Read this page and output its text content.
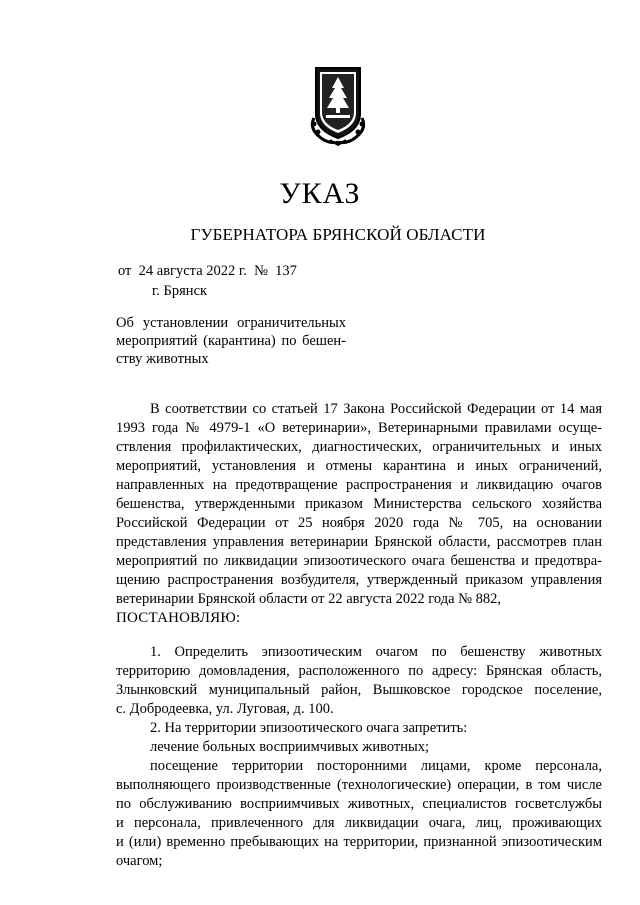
УКАЗ
ГУБЕРНАТОРА БРЯНСКОЙ ОБЛАСТИ
от  24 августа 2022 г.  №  137
г. Брянск
Об установлении ограничительных
мероприятий (карантина) по бешен-
ству животных
В соответствии со статьей 17 Закона Российской Федерации от 14 мая
1993 года № 4979-1 «О ветеринарии», Ветеринарными правилами осуще-
ствления профилактических, диагностических, ограничительных и иных
мероприятий, установления и отмены карантина и иных ограничений,
направленных на предотвращение распространения и ликвидацию очагов
бешенства, утвержденными приказом Министерства сельского хозяйства
Российской Федерации от 25 ноября 2020 года № 705, на основании
представления управления ветеринарии Брянской области, рассмотрев план
мероприятий по ликвидации эпизоотического очага бешенства и предотвра-
щению распространения возбудителя, утвержденный приказом управления
ветеринарии Брянской области от 22 августа 2022 года № 882,
ПОСТАНОВЛЯЮ:
1. Определить эпизоотическим очагом по бешенству животных
территорию домовладения, расположенного по адресу: Брянская область,
Злынковский муниципальный район, Вышковское городское поселение,
с. Добродеевка, ул. Луговая, д. 100.
2. На территории эпизоотического очага запретить:
лечение больных восприимчивых животных;
посещение территории посторонними лицами, кроме персонала,
выполняющего производственные (технологические) операции, в том числе
по обслуживанию восприимчивых животных, специалистов госветслужбы
и персонала, привлеченного для ликвидации очага, лиц, проживающих
и (или) временно пребывающих на территории, признанной эпизоотическим
очагом;
